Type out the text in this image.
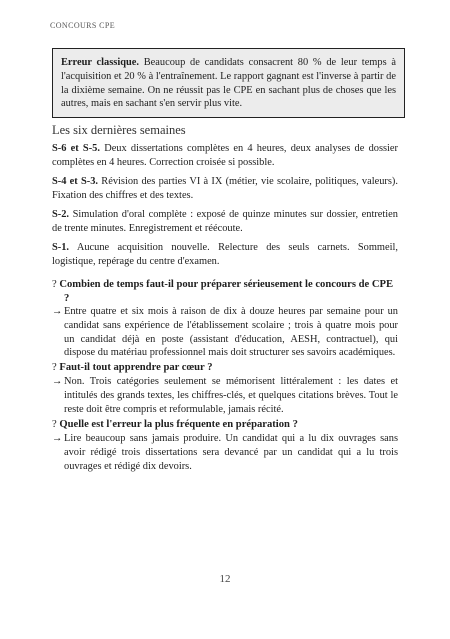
CONCOURS CPE
Erreur classique. Beaucoup de candidats consacrent 80 % de leur temps à l'acquisition et 20 % à l'entraînement. Le rapport gagnant est l'inverse à partir de la dixième semaine. On ne réussit pas le CPE en sachant plus de choses que les autres, mais en sachant s'en servir plus vite.
Les six dernières semaines
S-6 et S-5. Deux dissertations complètes en 4 heures, deux analyses de dossier complètes en 4 heures. Correction croisée si possible.
S-4 et S-3. Révision des parties VI à IX (métier, vie scolaire, politiques, valeurs). Fixation des chiffres et des textes.
S-2. Simulation d'oral complète : exposé de quinze minutes sur dossier, entretien de trente minutes. Enregistrement et réécoute.
S-1. Aucune acquisition nouvelle. Relecture des seuls carnets. Sommeil, logistique, repérage du centre d'examen.
? Combien de temps faut-il pour préparer sérieusement le concours de CPE
?
→ Entre quatre et six mois à raison de dix à douze heures par semaine pour un candidat sans expérience de l'établissement scolaire ; trois à quatre mois pour un candidat déjà en poste (assistant d'éducation, AESH, contractuel), qui dispose du matériau professionnel mais doit structurer ses savoirs académiques.
? Faut-il tout apprendre par cœur ?
→ Non. Trois catégories seulement se mémorisent littéralement : les dates et intitulés des grands textes, les chiffres-clés, et quelques citations brèves. Tout le reste doit être compris et reformulable, jamais récité.
? Quelle est l'erreur la plus fréquente en préparation ?
→ Lire beaucoup sans jamais produire. Un candidat qui a lu dix ouvrages sans avoir rédigé trois dissertations sera devancé par un candidat qui a lu trois ouvrages et rédigé dix devoirs.
12
